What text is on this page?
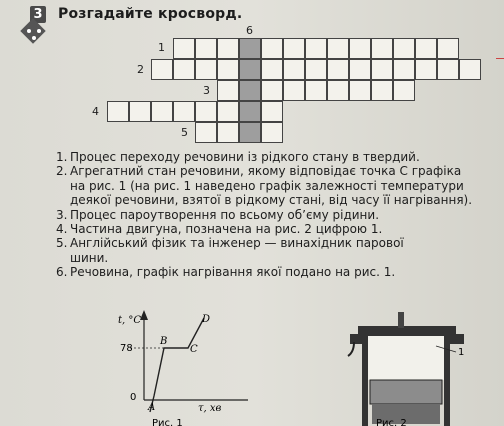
3 Розгадайте кросворд.
1
2
3
4
5
6
1. Процес переходу речовини із рідкого стану в твердий.
2. Агрегатний стан речовини, якому відповідає точка C графіка
на рис. 1 (на рис. 1 наведено графік залежності температури
деякої речовини, взятої в рідкому стані, від часу її нагрівання).
3. Процес пароутворення по всьому об’єму рідини.
4. Частина двигуна, позначена на рис. 2 цифрою 1.
5. Англійський фізик та інженер — винахідник парової
шини.
6. Речовина, графік нагрівання якої подано на рис. 1.
t, °C
78
0
τ, хв
A
B
C
D
Рис. 1
1
Рис. 2
